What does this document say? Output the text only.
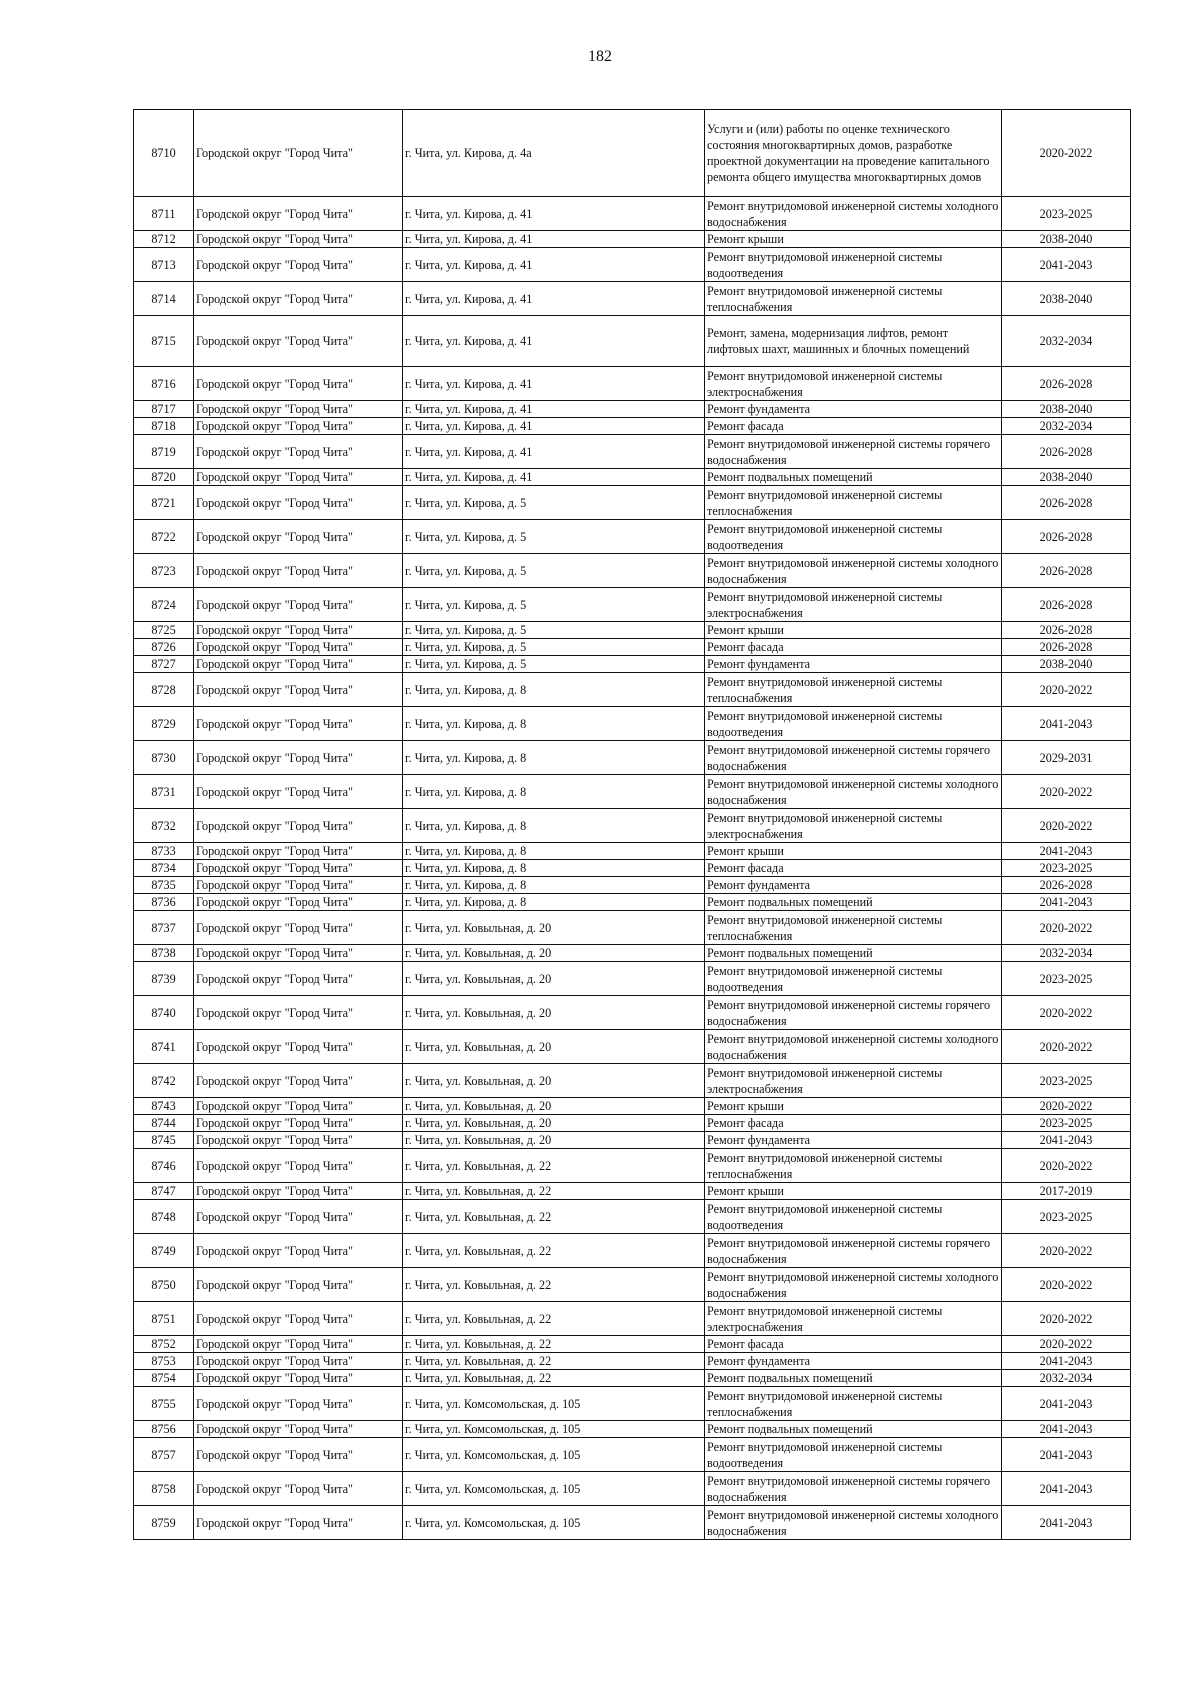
182
8710	Городской округ "Город Чита"	г. Чита, ул. Кирова, д. 4а	Услуги и (или) работы по оценке технического состояния многоквартирных домов, разработке проектной документации на проведение капитального ремонта общего имущества многоквартирных домов	2020-2022
8711	Городской округ "Город Чита"	г. Чита, ул. Кирова, д. 41	Ремонт внутридомовой инженерной системы холодного водоснабжения	2023-2025
8712	Городской округ "Город Чита"	г. Чита, ул. Кирова, д. 41	Ремонт крыши	2038-2040
8713	Городской округ "Город Чита"	г. Чита, ул. Кирова, д. 41	Ремонт внутридомовой инженерной системы водоотведения	2041-2043
8714	Городской округ "Город Чита"	г. Чита, ул. Кирова, д. 41	Ремонт внутридомовой инженерной системы теплоснабжения	2038-2040
8715	Городской округ "Город Чита"	г. Чита, ул. Кирова, д. 41	Ремонт, замена, модернизация лифтов, ремонт лифтовых шахт, машинных и блочных помещений	2032-2034
8716	Городской округ "Город Чита"	г. Чита, ул. Кирова, д. 41	Ремонт внутридомовой инженерной системы электроснабжения	2026-2028
8717	Городской округ "Город Чита"	г. Чита, ул. Кирова, д. 41	Ремонт фундамента	2038-2040
8718	Городской округ "Город Чита"	г. Чита, ул. Кирова, д. 41	Ремонт фасада	2032-2034
8719	Городской округ "Город Чита"	г. Чита, ул. Кирова, д. 41	Ремонт внутридомовой инженерной системы горячего водоснабжения	2026-2028
8720	Городской округ "Город Чита"	г. Чита, ул. Кирова, д. 41	Ремонт подвальных помещений	2038-2040
8721	Городской округ "Город Чита"	г. Чита, ул. Кирова, д. 5	Ремонт внутридомовой инженерной системы теплоснабжения	2026-2028
8722	Городской округ "Город Чита"	г. Чита, ул. Кирова, д. 5	Ремонт внутридомовой инженерной системы водоотведения	2026-2028
8723	Городской округ "Город Чита"	г. Чита, ул. Кирова, д. 5	Ремонт внутридомовой инженерной системы холодного водоснабжения	2026-2028
8724	Городской округ "Город Чита"	г. Чита, ул. Кирова, д. 5	Ремонт внутридомовой инженерной системы электроснабжения	2026-2028
8725	Городской округ "Город Чита"	г. Чита, ул. Кирова, д. 5	Ремонт крыши	2026-2028
8726	Городской округ "Город Чита"	г. Чита, ул. Кирова, д. 5	Ремонт фасада	2026-2028
8727	Городской округ "Город Чита"	г. Чита, ул. Кирова, д. 5	Ремонт фундамента	2038-2040
8728	Городской округ "Город Чита"	г. Чита, ул. Кирова, д. 8	Ремонт внутридомовой инженерной системы теплоснабжения	2020-2022
8729	Городской округ "Город Чита"	г. Чита, ул. Кирова, д. 8	Ремонт внутридомовой инженерной системы водоотведения	2041-2043
8730	Городской округ "Город Чита"	г. Чита, ул. Кирова, д. 8	Ремонт внутридомовой инженерной системы горячего водоснабжения	2029-2031
8731	Городской округ "Город Чита"	г. Чита, ул. Кирова, д. 8	Ремонт внутридомовой инженерной системы холодного водоснабжения	2020-2022
8732	Городской округ "Город Чита"	г. Чита, ул. Кирова, д. 8	Ремонт внутридомовой инженерной системы электроснабжения	2020-2022
8733	Городской округ "Город Чита"	г. Чита, ул. Кирова, д. 8	Ремонт крыши	2041-2043
8734	Городской округ "Город Чита"	г. Чита, ул. Кирова, д. 8	Ремонт фасада	2023-2025
8735	Городской округ "Город Чита"	г. Чита, ул. Кирова, д. 8	Ремонт фундамента	2026-2028
8736	Городской округ "Город Чита"	г. Чита, ул. Кирова, д. 8	Ремонт подвальных помещений	2041-2043
8737	Городской округ "Город Чита"	г. Чита, ул. Ковыльная, д. 20	Ремонт внутридомовой инженерной системы теплоснабжения	2020-2022
8738	Городской округ "Город Чита"	г. Чита, ул. Ковыльная, д. 20	Ремонт подвальных помещений	2032-2034
8739	Городской округ "Город Чита"	г. Чита, ул. Ковыльная, д. 20	Ремонт внутридомовой инженерной системы водоотведения	2023-2025
8740	Городской округ "Город Чита"	г. Чита, ул. Ковыльная, д. 20	Ремонт внутридомовой инженерной системы горячего водоснабжения	2020-2022
8741	Городской округ "Город Чита"	г. Чита, ул. Ковыльная, д. 20	Ремонт внутридомовой инженерной системы холодного водоснабжения	2020-2022
8742	Городской округ "Город Чита"	г. Чита, ул. Ковыльная, д. 20	Ремонт внутридомовой инженерной системы электроснабжения	2023-2025
8743	Городской округ "Город Чита"	г. Чита, ул. Ковыльная, д. 20	Ремонт крыши	2020-2022
8744	Городской округ "Город Чита"	г. Чита, ул. Ковыльная, д. 20	Ремонт фасада	2023-2025
8745	Городской округ "Город Чита"	г. Чита, ул. Ковыльная, д. 20	Ремонт фундамента	2041-2043
8746	Городской округ "Город Чита"	г. Чита, ул. Ковыльная, д. 22	Ремонт внутридомовой инженерной системы теплоснабжения	2020-2022
8747	Городской округ "Город Чита"	г. Чита, ул. Ковыльная, д. 22	Ремонт крыши	2017-2019
8748	Городской округ "Город Чита"	г. Чита, ул. Ковыльная, д. 22	Ремонт внутридомовой инженерной системы водоотведения	2023-2025
8749	Городской округ "Город Чита"	г. Чита, ул. Ковыльная, д. 22	Ремонт внутридомовой инженерной системы горячего водоснабжения	2020-2022
8750	Городской округ "Город Чита"	г. Чита, ул. Ковыльная, д. 22	Ремонт внутридомовой инженерной системы холодного водоснабжения	2020-2022
8751	Городской округ "Город Чита"	г. Чита, ул. Ковыльная, д. 22	Ремонт внутридомовой инженерной системы электроснабжения	2020-2022
8752	Городской округ "Город Чита"	г. Чита, ул. Ковыльная, д. 22	Ремонт фасада	2020-2022
8753	Городской округ "Город Чита"	г. Чита, ул. Ковыльная, д. 22	Ремонт фундамента	2041-2043
8754	Городской округ "Город Чита"	г. Чита, ул. Ковыльная, д. 22	Ремонт подвальных помещений	2032-2034
8755	Городской округ "Город Чита"	г. Чита, ул. Комсомольская, д. 105	Ремонт внутридомовой инженерной системы теплоснабжения	2041-2043
8756	Городской округ "Город Чита"	г. Чита, ул. Комсомольская, д. 105	Ремонт подвальных помещений	2041-2043
8757	Городской округ "Город Чита"	г. Чита, ул. Комсомольская, д. 105	Ремонт внутридомовой инженерной системы водоотведения	2041-2043
8758	Городской округ "Город Чита"	г. Чита, ул. Комсомольская, д. 105	Ремонт внутридомовой инженерной системы горячего водоснабжения	2041-2043
8759	Городской округ "Город Чита"	г. Чита, ул. Комсомольская, д. 105	Ремонт внутридомовой инженерной системы холодного водоснабжения	2041-2043
